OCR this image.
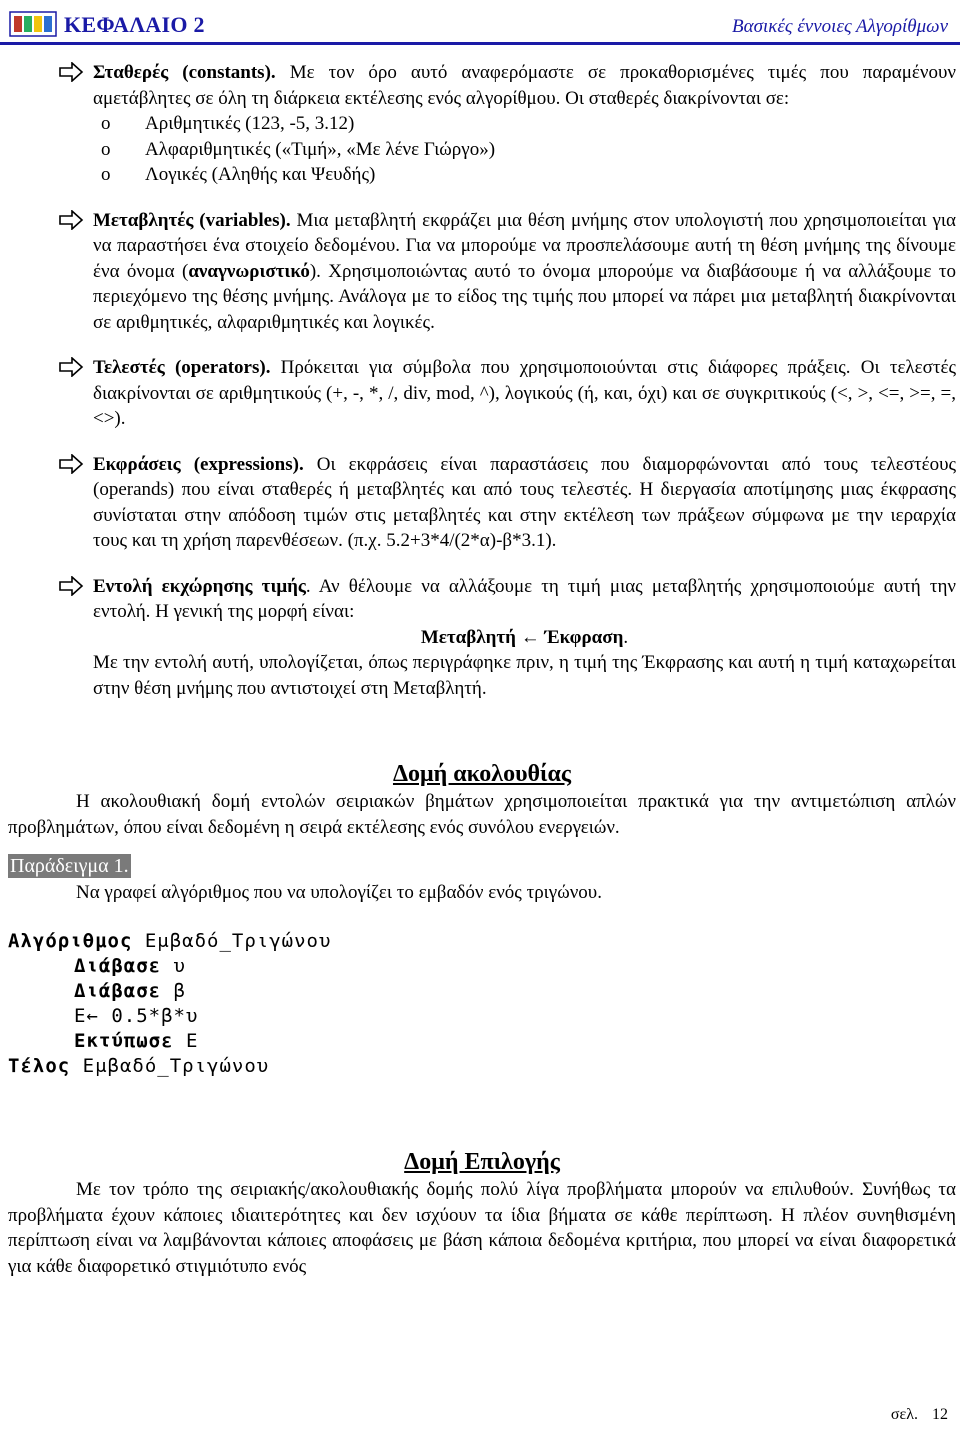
ΚΕΦΑΛΑΙΟ 2	Βασικές έννοιες Αλγορίθμων
Σταθερές (constants). Με τον όρο αυτό αναφερόμαστε σε προκαθορισμένες τιμές που παραμένουν αμετάβλητες σε όλη τη διάρκεια εκτέλεσης ενός αλγορίθμου. Οι σταθερές διακρίνονται σε:
o Αριθμητικές (123, -5, 3.12)
o Αλφαριθμητικές («Τιμή», «Με λένε Γιώργο»)
o Λογικές (Αληθής και Ψευδής)
Μεταβλητές (variables). Μια μεταβλητή εκφράζει μια θέση μνήμης στον υπολογιστή που χρησιμοποιείται για να παραστήσει ένα στοιχείο δεδομένου. Για να μπορούμε να προσπελάσουμε αυτή τη θέση μνήμης της δίνουμε ένα όνομα (αναγνωριστικό). Χρησιμοποιώντας αυτό το όνομα μπορούμε να διαβάσουμε ή να αλλάξουμε το περιεχόμενο της θέσης μνήμης. Ανάλογα με το είδος της τιμής που μπορεί να πάρει μια μεταβλητή διακρίνονται σε αριθμητικές, αλφαριθμητικές και λογικές.
Τελεστές (operators). Πρόκειται για σύμβολα που χρησιμοποιούνται στις διάφορες πράξεις. Οι τελεστές διακρίνονται σε αριθμητικούς (+, -, *, /, div, mod, ^), λογικούς (ή, και, όχι) και σε συγκριτικούς (<, >, <=, >=, =, <>).
Εκφράσεις (expressions). Οι εκφράσεις είναι παραστάσεις που διαμορφώνονται από τους τελεστέους (operands) που είναι σταθερές ή μεταβλητές και από τους τελεστές. Η διεργασία αποτίμησης μιας έκφρασης συνίσταται στην απόδοση τιμών στις μεταβλητές και στην εκτέλεση των πράξεων σύμφωνα με την ιεραρχία τους και τη χρήση παρενθέσεων. (π.χ. 5.2+3*4/(2*α)-β*3.1).
Εντολή εκχώρησης τιμής. Αν θέλουμε να αλλάξουμε τη τιμή μιας μεταβλητής χρησιμοποιούμε αυτή την εντολή. Η γενική της μορφή είναι:
Μεταβλητή ← Έκφραση.
Με την εντολή αυτή, υπολογίζεται, όπως περιγράφηκε πριν, η τιμή της Έκφρασης και αυτή η τιμή καταχωρείται στην θέση μνήμης που αντιστοιχεί στη Μεταβλητή.
Δομή ακολουθίας
Η ακολουθιακή δομή εντολών σειριακών βημάτων χρησιμοποιείται πρακτικά για την αντιμετώπιση απλών προβλημάτων, όπου είναι δεδομένη η σειρά εκτέλεσης ενός συνόλου ενεργειών.
Παράδειγμα 1.
Να γραφεί αλγόριθμος που να υπολογίζει το εμβαδόν ενός τριγώνου.
Αλγόριθμος Εμβαδό_Τριγώνου
Διάβασε υ
Διάβασε β
Ε← 0.5*β*υ
Εκτύπωσε Ε
Τέλος Εμβαδό_Τριγώνου
Δομή Επιλογής
Με τον τρόπο της σειριακής/ακολουθιακής δομής πολύ λίγα προβλήματα μπορούν να επιλυθούν. Συνήθως τα προβλήματα έχουν κάποιες ιδιαιτερότητες και δεν ισχύουν τα ίδια βήματα σε κάθε περίπτωση. Η πλέον συνηθισμένη περίπτωση είναι να λαμβάνονται κάποιες αποφάσεις με βάση κάποια δεδομένα κριτήρια, που μπορεί να είναι διαφορετικά για κάθε διαφορετικό στιγμιότυπο ενός
σελ. 12
